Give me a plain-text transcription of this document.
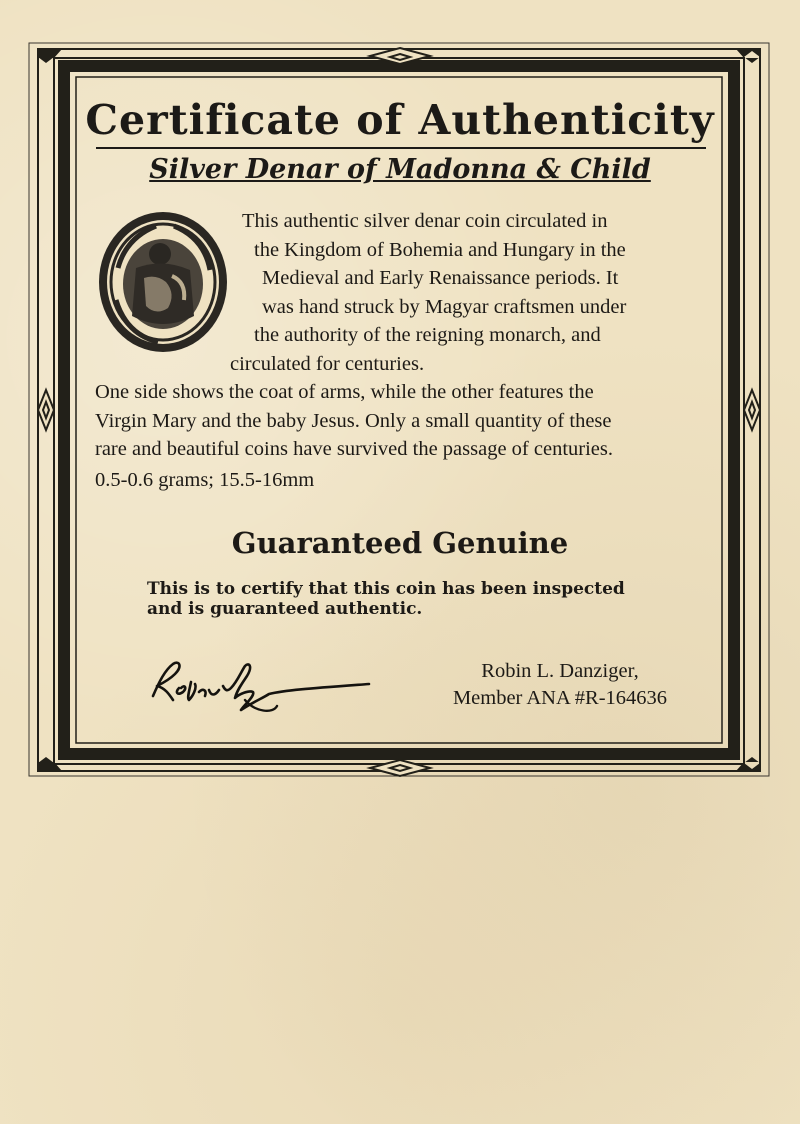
Certificate of Authenticity
Silver Denar of Madonna & Child
This authentic silver denar coin circulated in
the Kingdom of Bohemia and Hungary in the
Medieval and Early Renaissance periods. It
was hand struck by Magyar craftsmen under
the authority of the reigning monarch, and
circulated for centuries.
One side shows the coat of arms, while the other features the
Virgin Mary and the baby Jesus. Only a small quantity of these
rare and beautiful coins have survived the passage of centuries.
0.5-0.6 grams; 15.5-16mm
Guaranteed Genuine
This is to certify that this coin has been inspected
and is guaranteed authentic.
Robin L. Danziger,
Member ANA #R-164636
